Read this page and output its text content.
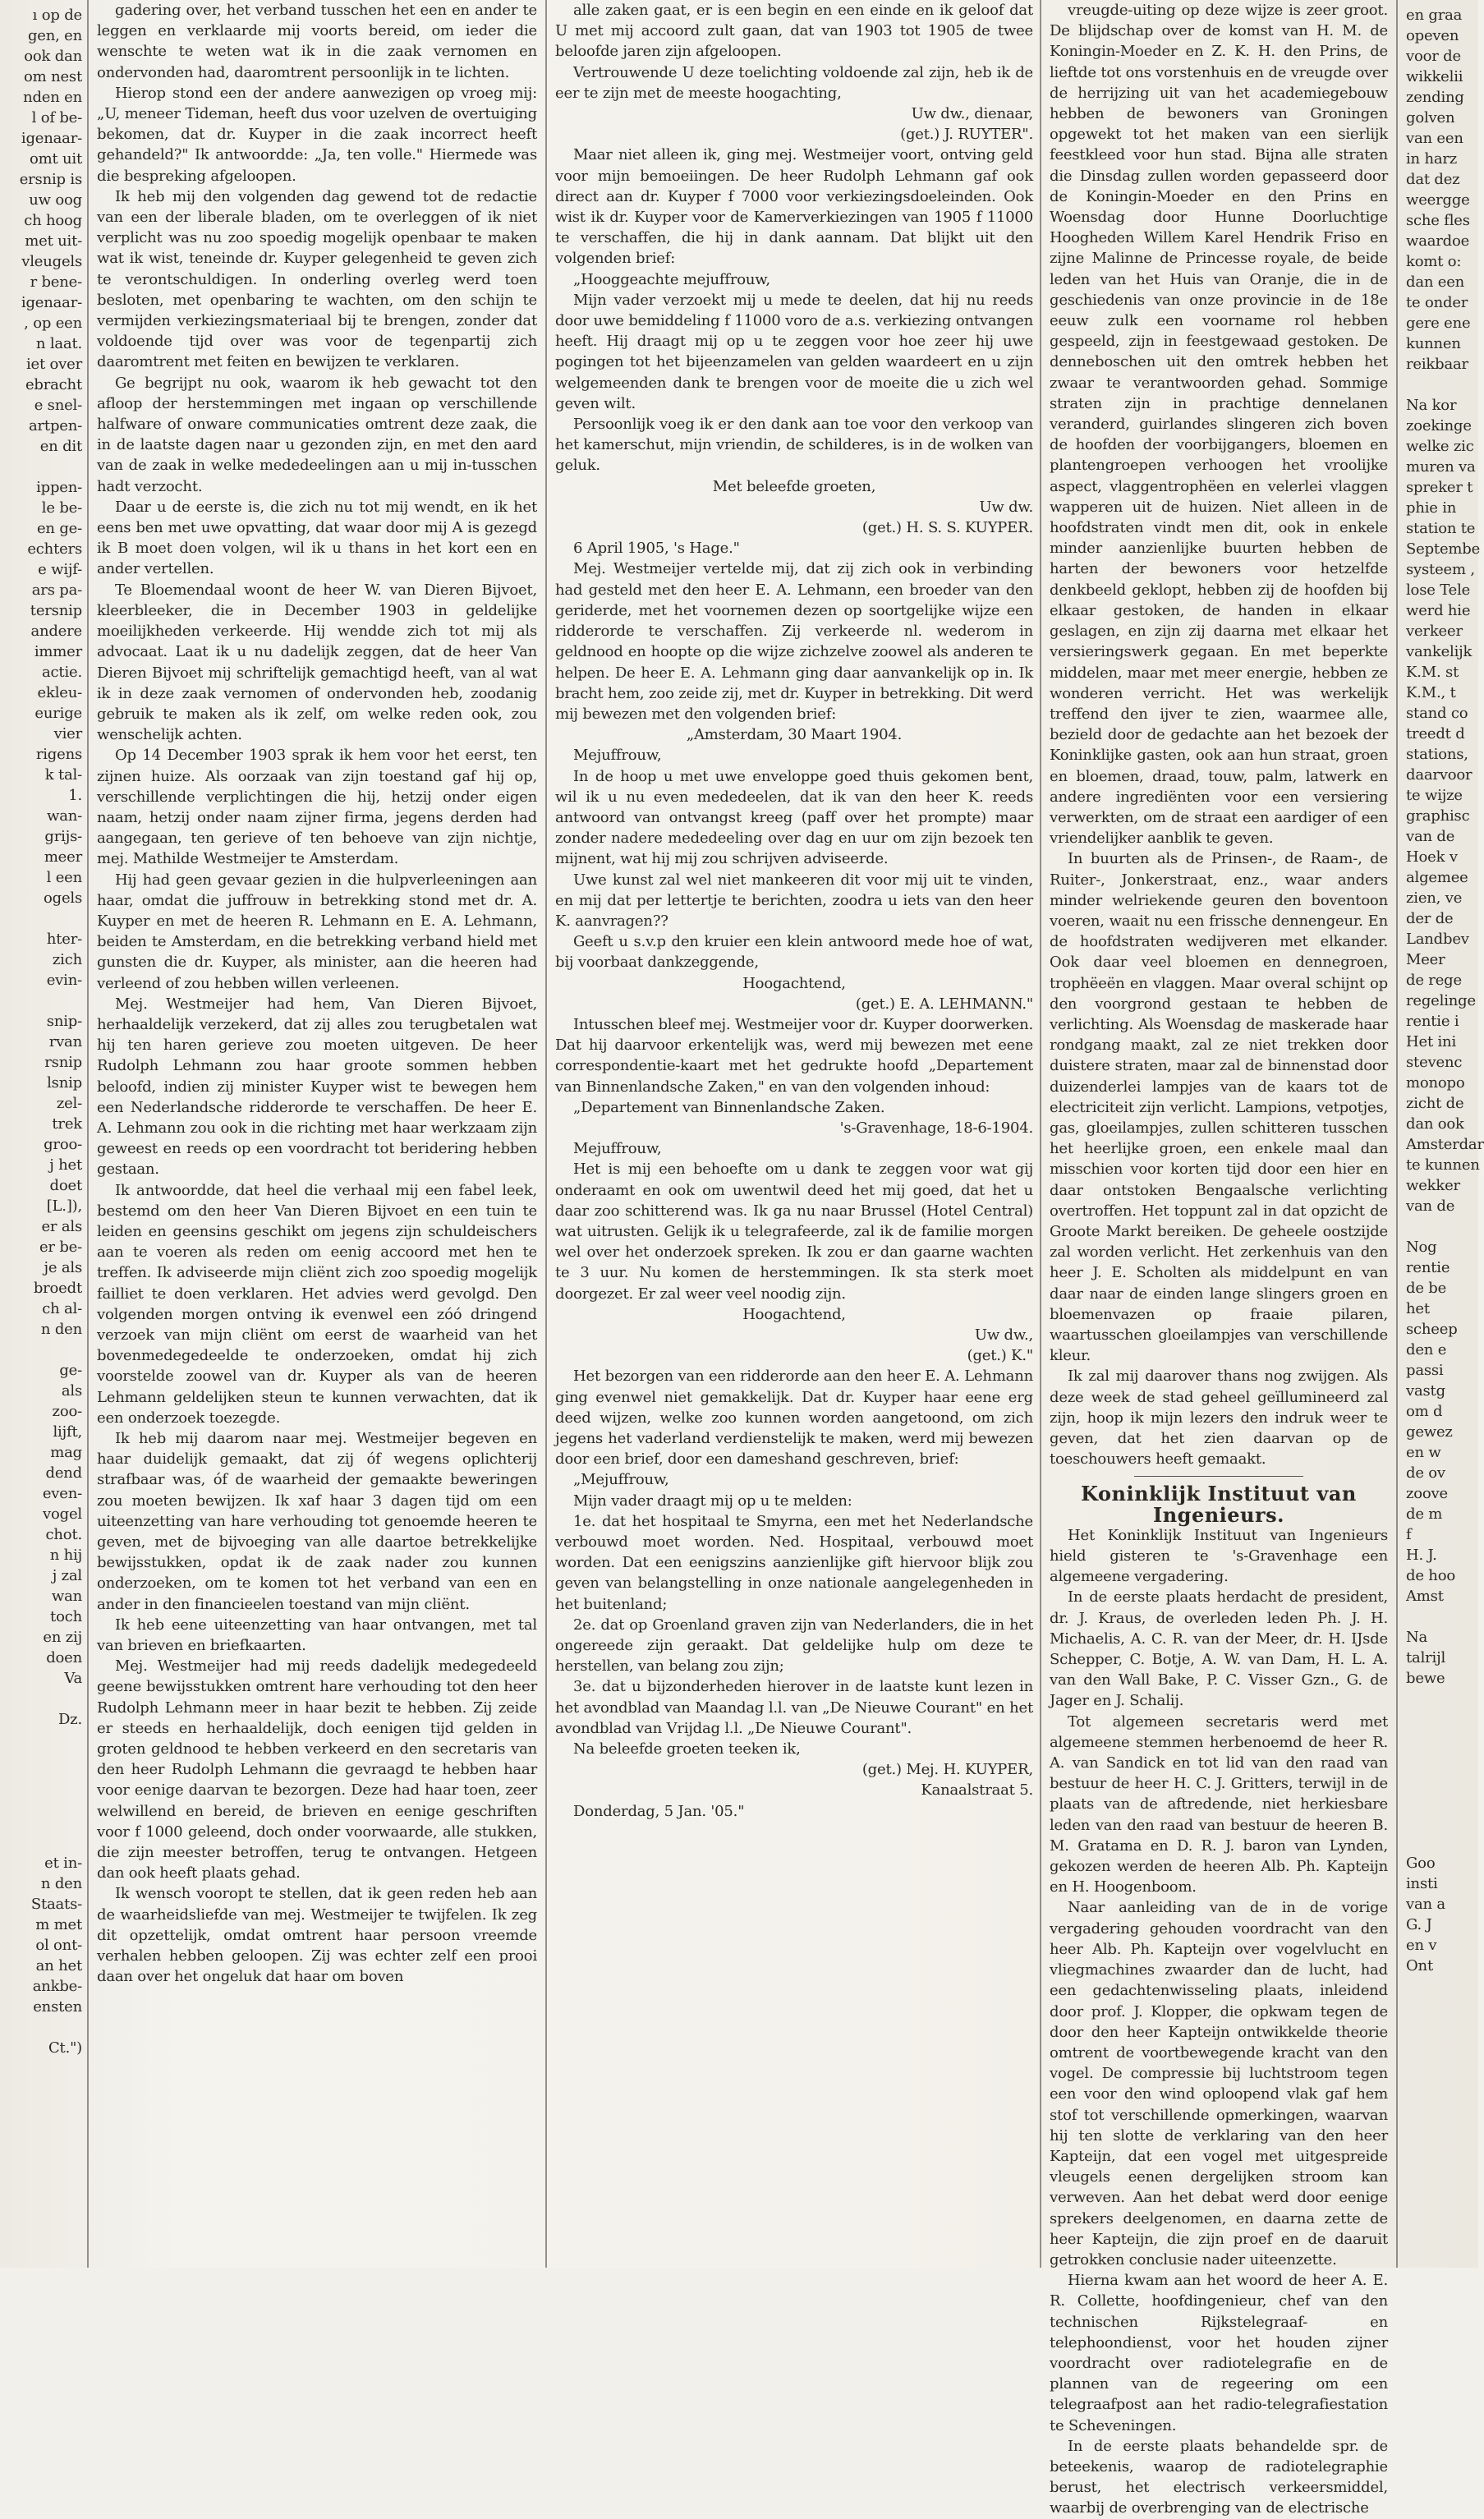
ı op de
gen, en
ook dan
om nest
nden en
l of be-
igenaar-
omt uit
ersnip is
uw oog
ch hoog
met uit-
vleugels
r bene-
igenaar-
, op een
n laat.
iet over
ebracht
e snel-
artpen-
en dit

ippen-
le be-
en ge-
echters
e wijf-
ars pa-
tersnip
andere
immer
actie.
ekleu-
eurige
vier
rigens
k tal-
1.
wan-
grijs-
meer
l een
ogels

hter-
zich
evin-

snip-
rvan
rsnip
lsnip
zel-
trek
groo-
j het
doet
[L.]),
er als
er be-
je als
broedt
ch al-
n den

ge-
als
zoo-
lijft,
mag
dend
even-
vogel
chot.
n hij
j zal
wan
toch
en zij
doen
Va

Dz.

et in-
n den
Staats-
m met
ol ont-
an het
ankbe-
ensten

Ct.")

gadering over, het verband tusschen het een en ander te leggen en verklaarde mij voorts bereid, om ieder die wenschte te weten wat ik in die zaak vernomen en ondervonden had, daaromtrent persoonlijk in te lichten.

Hierop stond een der andere aanwezigen op vroeg mij: „U, meneer Tideman, heeft dus voor uzelven de overtuiging bekomen, dat dr. Kuyper in die zaak incorrect heeft gehandeld?" Ik antwoordde: „Ja, ten volle." Hiermede was die bespreking afgeloopen.

Ik heb mij den volgenden dag gewend tot de redactie van een der liberale bladen, om te overleggen of ik niet verplicht was nu zoo spoedig mogelijk openbaar te maken wat ik wist, teneinde dr. Kuyper gelegenheid te geven zich te verontschuldigen. In onderling overleg werd toen besloten, met openbaring te wachten, om den schijn te vermijden verkiezingsmateriaal bij te brengen, zonder dat voldoende tijd over was voor de tegenpartij zich daaromtrent met feiten en bewijzen te verklaren.

Ge begrijpt nu ook, waarom ik heb gewacht tot den afloop der herstemmingen met ingaan op verschillende halfware of onware communicaties omtrent deze zaak, die in de laatste dagen naar u gezonden zijn, en met den aard van de zaak in welke mededeelingen aan u mij in-tusschen hadt verzocht.

Daar u de eerste is, die zich nu tot mij wendt, en ik het eens ben met uwe opvatting, dat waar door mij A is gezegd ik B moet doen volgen, wil ik u thans in het kort een en ander vertellen.

Te Bloemendaal woont de heer W. van Dieren Bijvoet, kleerbleeker, die in December 1903 in geldelijke moeilijkheden verkeerde. Hij wendde zich tot mij als advocaat. Laat ik u nu dadelijk zeggen, dat de heer Van Dieren Bijvoet mij schriftelijk gemachtigd heeft, van al wat ik in deze zaak vernomen of ondervonden heb, zoodanig gebruik te maken als ik zelf, om welke reden ook, zou wenschelijk achten.

Op 14 December 1903 sprak ik hem voor het eerst, ten zijnen huize. Als oorzaak van zijn toestand gaf hij op, verschillende verplichtingen die hij, hetzij onder eigen naam, hetzij onder naam zijner firma, jegens derden had aangegaan, ten gerieve of ten behoeve van zijn nichtje, mej. Mathilde Westmeijer te Amsterdam.

Hij had geen gevaar gezien in die hulpverleeningen aan haar, omdat die juffrouw in betrekking stond met dr. A. Kuyper en met de heeren R. Lehmann en E. A. Lehmann, beiden te Amsterdam, en die betrekking verband hield met gunsten die dr. Kuyper, als minister, aan die heeren had verleend of zou hebben willen verleenen.

Mej. Westmeijer had hem, Van Dieren Bijvoet, herhaaldelijk verzekerd, dat zij alles zou terugbetalen wat hij ten haren gerieve zou moeten uitgeven. De heer Rudolph Lehmann zou haar groote sommen hebben beloofd, indien zij minister Kuyper wist te bewegen hem een Nederlandsche ridderorde te verschaffen. De heer E. A. Lehmann zou ook in die richting met haar werkzaam zijn geweest en reeds op een voordracht tot beridering hebben gestaan.

Ik antwoordde, dat heel die verhaal mij een fabel leek, bestemd om den heer Van Dieren Bijvoet en een tuin te leiden en geensins geschikt om jegens zijn schuldeischers aan te voeren als reden om eenig accoord met hen te treffen. Ik adviseerde mijn cliënt zich zoo spoedig mogelijk failliet te doen verklaren. Het advies werd gevolgd. Den volgenden morgen ontving ik evenwel een zóó dringend verzoek van mijn cliënt om eerst de waarheid van het bovenmedegedeelde te onderzoeken, omdat hij zich voorstelde zoowel van dr. Kuyper als van de heeren Lehmann geldelijken steun te kunnen verwachten, dat ik een onderzoek toezegde.

Ik heb mij daarom naar mej. Westmeijer begeven en haar duidelijk gemaakt, dat zij óf wegens oplichterij strafbaar was, óf de waarheid der gemaakte beweringen zou moeten bewijzen. Ik xaf haar 3 dagen tijd om een uiteenzetting van hare verhouding tot genoemde heeren te geven, met de bijvoeging van alle daartoe betrekkelijke bewijsstukken, opdat ik de zaak nader zou kunnen onderzoeken, om te komen tot het verband van een en ander in den financieelen toestand van mijn cliënt.

Ik heb eene uiteenzetting van haar ontvangen, met tal van brieven en briefkaarten.

Mej. Westmeijer had mij reeds dadelijk medegedeeld geene bewijsstukken omtrent hare verhouding tot den heer Rudolph Lehmann meer in haar bezit te hebben. Zij zeide er steeds en herhaaldelijk, doch eenigen tijd gelden in groten geldnood te hebben verkeerd en den secretaris van den heer Rudolph Lehmann die gevraagd te hebben haar voor eenige daarvan te bezorgen. Deze had haar toen, zeer welwillend en bereid, de brieven en eenige geschriften voor f 1000 geleend, doch onder voorwaarde, alle stukken, die zijn meester betroffen, terug te ontvangen. Hetgeen dan ook heeft plaats gehad.

Ik wensch vooropt te stellen, dat ik geen reden heb aan de waarheidsliefde van mej. Westmeijer te twijfelen. Ik zeg dit opzettelijk, omdat omtrent haar persoon vreemde verhalen hebben geloopen. Zij was echter zelf een prooi daan over het ongeluk dat haar om boven

alle zaken gaat, er is een begin en een einde en ik geloof dat U met mij accoord zult gaan, dat van 1903 tot 1905 de twee beloofde jaren zijn afgeloopen.

Vertrouwende U deze toelichting voldoende zal zijn, heb ik de eer te zijn met de meeste hoogachting,

Uw dw., dienaar,

(get.) J. RUYTER".

Maar niet alleen ik, ging mej. Westmeijer voort, ontving geld voor mijn bemoeiingen. De heer Rudolph Lehmann gaf ook direct aan dr. Kuyper f 7000 voor verkiezingsdoeleinden. Ook wist ik dr. Kuyper voor de Kamerverkiezingen van 1905 f 11000 te verschaffen, die hij in dank aannam. Dat blijkt uit den volgenden brief:

„Hooggeachte mejuffrouw,

Mijn vader verzoekt mij u mede te deelen, dat hij nu reeds door uwe bemiddeling f 11000 voro de a.s. verkiezing ontvangen heeft. Hij draagt mij op u te zeggen voor hoe zeer hij uwe pogingen tot het bijeenzamelen van gelden waardeert en u zijn welgemeenden dank te brengen voor de moeite die u zich wel geven wilt.

Persoonlijk voeg ik er den dank aan toe voor den verkoop van het kamerschut, mijn vriendin, de schilderes, is in de wolken van geluk.

Met beleefde groeten,

Uw dw.

(get.) H. S. S. KUYPER.

6 April 1905, 's Hage."

Mej. Westmeijer vertelde mij, dat zij zich ook in verbinding had gesteld met den heer E. A. Lehmann, een broeder van den geriderde, met het voornemen dezen op soortgelijke wijze een ridderorde te verschaffen. Zij verkeerde nl. wederom in geldnood en hoopte op die wijze zichzelve zoowel als anderen te helpen. De heer E. A. Lehmann ging daar aanvankelijk op in. Ik bracht hem, zoo zeide zij, met dr. Kuyper in betrekking. Dit werd mij bewezen met den volgenden brief:

„Amsterdam, 30 Maart 1904.

Mejuffrouw,

In de hoop u met uwe enveloppe goed thuis gekomen bent, wil ik u nu even mededeelen, dat ik van den heer K. reeds antwoord van ontvangst kreeg (paff over het prompte) maar zonder nadere mededeeling over dag en uur om zijn bezoek ten mijnent, wat hij mij zou schrijven adviseerde.

Uwe kunst zal wel niet mankeeren dit voor mij uit te vinden, en mij dat per lettertje te berichten, zoodra u iets van den heer K. aanvragen??

Geeft u s.v.p den kruier een klein antwoord mede hoe of wat, bij voorbaat dankzeggende,

Hoogachtend,

(get.) E. A. LEHMANN."

Intusschen bleef mej. Westmeijer voor dr. Kuyper doorwerken. Dat hij daarvoor erkentelijk was, werd mij bewezen met eene correspondentie-kaart met het gedrukte hoofd „Departement van Binnenlandsche Zaken," en van den volgenden inhoud:

„Departement van Binnenlandsche Zaken.

's-Gravenhage, 18-6-1904.

Mejuffrouw,

Het is mij een behoefte om u dank te zeggen voor wat gij onderaamt en ook om uwentwil deed het mij goed, dat het u daar zoo schitterend was. Ik ga nu naar Brussel (Hotel Central) wat uitrusten. Gelijk ik u telegrafeerde, zal ik de familie morgen wel over het onderzoek spreken. Ik zou er dan gaarne wachten te 3 uur. Nu komen de herstemmingen. Ik sta sterk moet doorgezet. Er zal weer veel noodig zijn.

Hoogachtend,

Uw dw.,

(get.) K."

Het bezorgen van een ridderorde aan den heer E. A. Lehmann ging evenwel niet gemakkelijk. Dat dr. Kuyper haar eene erg deed wijzen, welke zoo kunnen worden aangetoond, om zich jegens het vaderland verdienstelijk te maken, werd mij bewezen door een brief, door een dameshand geschreven, brief:

„Mejuffrouw,

Mijn vader draagt mij op u te melden:

1e. dat het hospitaal te Smyrna, een met het Nederlandsche verbouwd moet worden. Ned. Hospitaal, verbouwd moet worden. Dat een eenigszins aanzienlijke gift hiervoor blijk zou geven van belangstelling in onze nationale aangelegenheden in het buitenland;

2e. dat op Groenland graven zijn van Nederlanders, die in het ongereede zijn geraakt. Dat geldelijke hulp om deze te herstellen, van belang zou zijn;

3e. dat u bijzonderheden hierover in de laatste kunt lezen in het avondblad van Maandag l.l. van „De Nieuwe Courant" en het avondblad van Vrijdag l.l. „De Nieuwe Courant".

Na beleefde groeten teeken ik,

(get.) Mej. H. KUYPER,

Kanaalstraat 5.

Donderdag, 5 Jan. '05."

vreugde-uiting op deze wijze is zeer groot. De blijdschap over de komst van H. M. de Koningin-Moeder en Z. K. H. den Prins, de lieftde tot ons vorstenhuis en de vreugde over de herrijzing uit van het academiegebouw hebben de bewoners van Groningen opgewekt tot het maken van een sierlijk feestkleed voor hun stad. Bijna alle straten die Dinsdag zullen worden gepasseerd door de Koningin-Moeder en den Prins en Woensdag door Hunne Doorluchtige Hoogheden Willem Karel Hendrik Friso en zijne Malinne de Princesse royale, de beide leden van het Huis van Oranje, die in de geschiedenis van onze provincie in de 18e eeuw zulk een voorname rol hebben gespeeld, zijn in feestgewaad gestoken. De denneboschen uit den omtrek hebben het zwaar te verantwoorden gehad. Sommige straten zijn in prachtige dennelanen veranderd, guirlandes slingeren zich boven de hoofden der voorbijgangers, bloemen en plantengroepen verhoogen het vroolijke aspect, vlaggentrophëen en velerlei vlaggen wapperen uit de huizen. Niet alleen in de hoofdstraten vindt men dit, ook in enkele minder aanzienlijke buurten hebben de harten der bewoners voor hetzelfde denkbeeld geklopt, hebben zij de hoofden bij elkaar gestoken, de handen in elkaar geslagen, en zijn zij daarna met elkaar het versieringswerk gegaan. En met beperkte middelen, maar met meer energie, hebben ze wonderen verricht. Het was werkelijk treffend den ijver te zien, waarmee alle, bezield door de gedachte aan het bezoek der Koninklijke gasten, ook aan hun straat, groen en bloemen, draad, touw, palm, latwerk en andere ingrediënten voor een versiering verwerkten, om de straat een aardiger of een vriendelijker aanblik te geven.

In buurten als de Prinsen-, de Raam-, de Ruiter-, Jonkerstraat, enz., waar anders minder welriekende geuren den boventoon voeren, waait nu een frissche dennengeur. En de hoofdstraten wedijveren met elkander. Ook daar veel bloemen en dennegroen, trophëeën en vlaggen. Maar overal schijnt op den voorgrond gestaan te hebben de verlichting. Als Woensdag de maskerade haar rondgang maakt, zal ze niet trekken door duistere straten, maar zal de binnenstad door duizenderlei lampjes van de kaars tot de electriciteit zijn verlicht. Lampions, vetpotjes, gas, gloeilampjes, zullen schitteren tusschen het heerlijke groen, een enkele maal dan misschien voor korten tijd door een hier en daar ontstoken Bengaalsche verlichting overtroffen. Het toppunt zal in dat opzicht de Groote Markt bereiken. De geheele oostzijde zal worden verlicht. Het zerkenhuis van den heer J. E. Scholten als middelpunt en van daar naar de einden lange slingers groen en bloemenvazen op fraaie pilaren, waartusschen gloeilampjes van verschillende kleur.

Ik zal mij daarover thans nog zwijgen. Als deze week de stad geheel geïllumineerd zal zijn, hoop ik mijn lezers den indruk weer te geven, dat het zien daarvan op de toeschouwers heeft gemaakt.

Koninklijk Instituut van Ingenieurs.

Het Koninklijk Instituut van Ingenieurs hield gisteren te 's-Gravenhage een algemeene vergadering.

In de eerste plaats herdacht de president, dr. J. Kraus, de overleden leden Ph. J. H. Michaelis, A. C. R. van der Meer, dr. H. IJsde Schepper, C. Botje, A. W. van Dam, H. L. A. van den Wall Bake, P. C. Visser Gzn., G. de Jager en J. Schalij.

Tot algemeen secretaris werd met algemeene stemmen herbenoemd de heer R. A. van Sandick en tot lid van den raad van bestuur de heer H. C. J. Gritters, terwijl in de plaats van de aftredende, niet herkiesbare leden van den raad van bestuur de heeren B. M. Gratama en D. R. J. baron van Lynden, gekozen werden de heeren Alb. Ph. Kapteijn en H. Hoogenboom.

Naar aanleiding van de in de vorige vergadering gehouden voordracht van den heer Alb. Ph. Kapteijn over vogelvlucht en vliegmachines zwaarder dan de lucht, had een gedachtenwisseling plaats, inleidend door prof. J. Klopper, die opkwam tegen de door den heer Kapteijn ontwikkelde theorie omtrent de voortbewegende kracht van den vogel. De compressie bij luchtstroom tegen een voor den wind oploopend vlak gaf hem stof tot verschillende opmerkingen, waarvan hij ten slotte de verklaring van den heer Kapteijn, dat een vogel met uitgespreide vleugels eenen dergelijken stroom kan verweven. Aan het debat werd door eenige sprekers deelgenomen, en daarna zette de heer Kapteijn, die zijn proef en de daaruit getrokken conclusie nader uiteenzette.

Hierna kwam aan het woord de heer A. E. R. Collette, hoofdingenieur, chef van den technischen Rijkstelegraaf- en telephoondienst, voor het houden zijner voordracht over radiotelegrafie en de plannen van de regeering om een telegraafpost aan het radio-telegrafiestation te Scheveningen.

In de eerste plaats behandelde spr. de beteekenis, waarop de radiotelegraphie berust, het electrisch verkeersmiddel, waarbij de overbrenging van de electrische

en graa
opeven
voor de
wikkelii
zending
golven
van een
in harz
dat dez
weergge
sche fles
waardoe
komt o:
dan een
te onder
gere ene
kunnen
reikbaar

Na kor
zoekinge
welke zic
muren va
spreker t
phie in
station te
Septembe
systeem ,
lose Tele
werd hie
verkeer
vankelijk
K.M. st
K.M., t
stand co
treedt d
stations,
daarvoor
te wijze
graphisc
van de
Hoek v
algemee
zien, ve
der de
Landbev
Meer
de rege
regelinge
rentie i
Het ini
stevenc
monopo
zicht de
dan ook
Amsterdar
te kunnen
wekker
van de

Nog
rentie
de be
het
scheep
den e
passi
vastg
om d
gewez
en w
de ov
zoove
de m
f
H. J.
de hoo
Amst

Na
talrijl
bewe

Goo
insti
van a
G. J
en v
Ont
